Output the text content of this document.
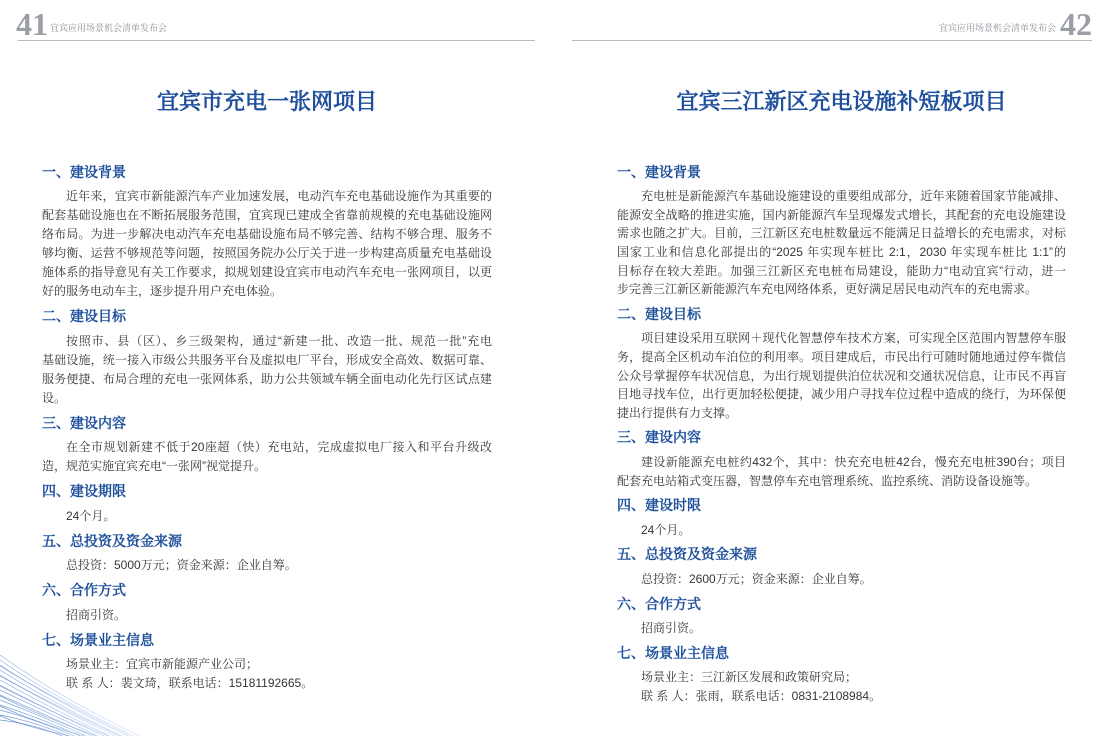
41 宜宾应用场景机会清单发布会
宜宾市充电一张网项目
一、建设背景
近年来，宜宾市新能源汽车产业加速发展，电动汽车充电基础设施作为其重要的
配套基础设施也在不断拓展服务范围，宜宾现已建成全省靠前规模的充电基础设施网
络布局。为进一步解决电动汽车充电基础设施布局不够完善、结构不够合理、服务不
够均衡、运营不够规范等问题，按照国务院办公厅关于进一步构建高质量充电基础设
施体系的指导意见有关工作要求，拟规划建设宜宾市电动汽车充电一张网项目，以更
好的服务电动车主，逐步提升用户充电体验。
二、建设目标
按照市、县（区）、乡三级架构，通过“新建一批、改造一批、规范一批”充电
基础设施，统一接入市级公共服务平台及虚拟电厂平台，形成安全高效、数据可靠、
服务便捷、布局合理的充电一张网体系，助力公共领域车辆全面电动化先行区试点建
设。
三、建设内容
在全市规划新建不低于20座超（快）充电站，完成虚拟电厂接入和平台升级改
造，规范实施宜宾充电“一张网”视觉提升。
四、建设期限
24个月。
五、总投资及资金来源
总投资：5000万元；资金来源：企业自筹。
六、合作方式
招商引资。
七、场景业主信息
场景业主：宜宾市新能源产业公司；
联 系 人：裴文琦，联系电话：15181192665。
宜宾应用场景机会清单发布会 42
宜宾三江新区充电设施补短板项目
一、建设背景
充电桩是新能源汽车基础设施建设的重要组成部分，近年来随着国家节能减排、
能源安全战略的推进实施，国内新能源汽车呈现爆发式增长，其配套的充电设施建设
需求也随之扩大。目前，三江新区充电桩数量远不能满足日益增长的充电需求，对标
国家工业和信息化部提出的“2025 年实现车桩比 2:1，2030 年实现车桩比 1:1”的
目标存在较大差距。加强三江新区充电桩布局建设，能助力“电动宜宾”行动，进一
步完善三江新区新能源汽车充电网络体系，更好满足居民电动汽车的充电需求。
二、建设目标
项目建设采用互联网＋现代化智慧停车技术方案，可实现全区范围内智慧停车服
务，提高全区机动车泊位的利用率。项目建成后，市民出行可随时随地通过停车微信
公众号掌握停车状况信息，为出行规划提供泊位状况和交通状况信息，让市民不再盲
目地寻找车位，出行更加轻松便捷，减少用户寻找车位过程中造成的绕行，为环保便
捷出行提供有力支撑。
三、建设内容
建设新能源充电桩约432个，其中：快充充电桩42台，慢充充电桩390台；项目
配套充电站箱式变压器，智慧停车充电管理系统、监控系统、消防设备设施等。
四、建设时限
24个月。
五、总投资及资金来源
总投资：2600万元；资金来源：企业自筹。
六、合作方式
招商引资。
七、场景业主信息
场景业主：三江新区发展和政策研究局；
联 系 人：张雨，联系电话：0831-2108984。
